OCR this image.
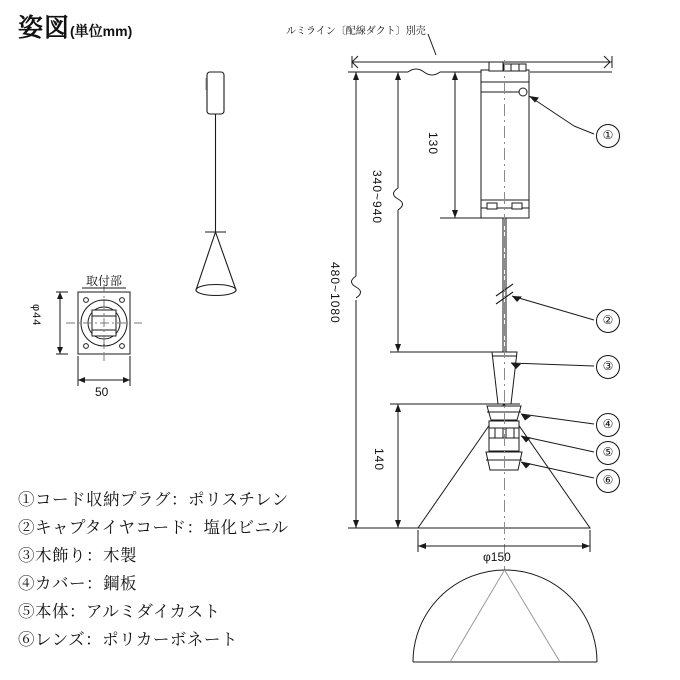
姿図(単位mm)	ルミライン〔配線ダクト〕別売
取付部
φ44
50
130
340~940
480~1080
140
φ150
①
②
③
④
⑤
⑥
①コード収納プラグ：ポリスチレン
②キャプタイヤコード：塩化ビニル
③木飾り：木製
④カバー：鋼板
⑤本体：アルミダイカスト
⑥レンズ：ポリカーボネート
